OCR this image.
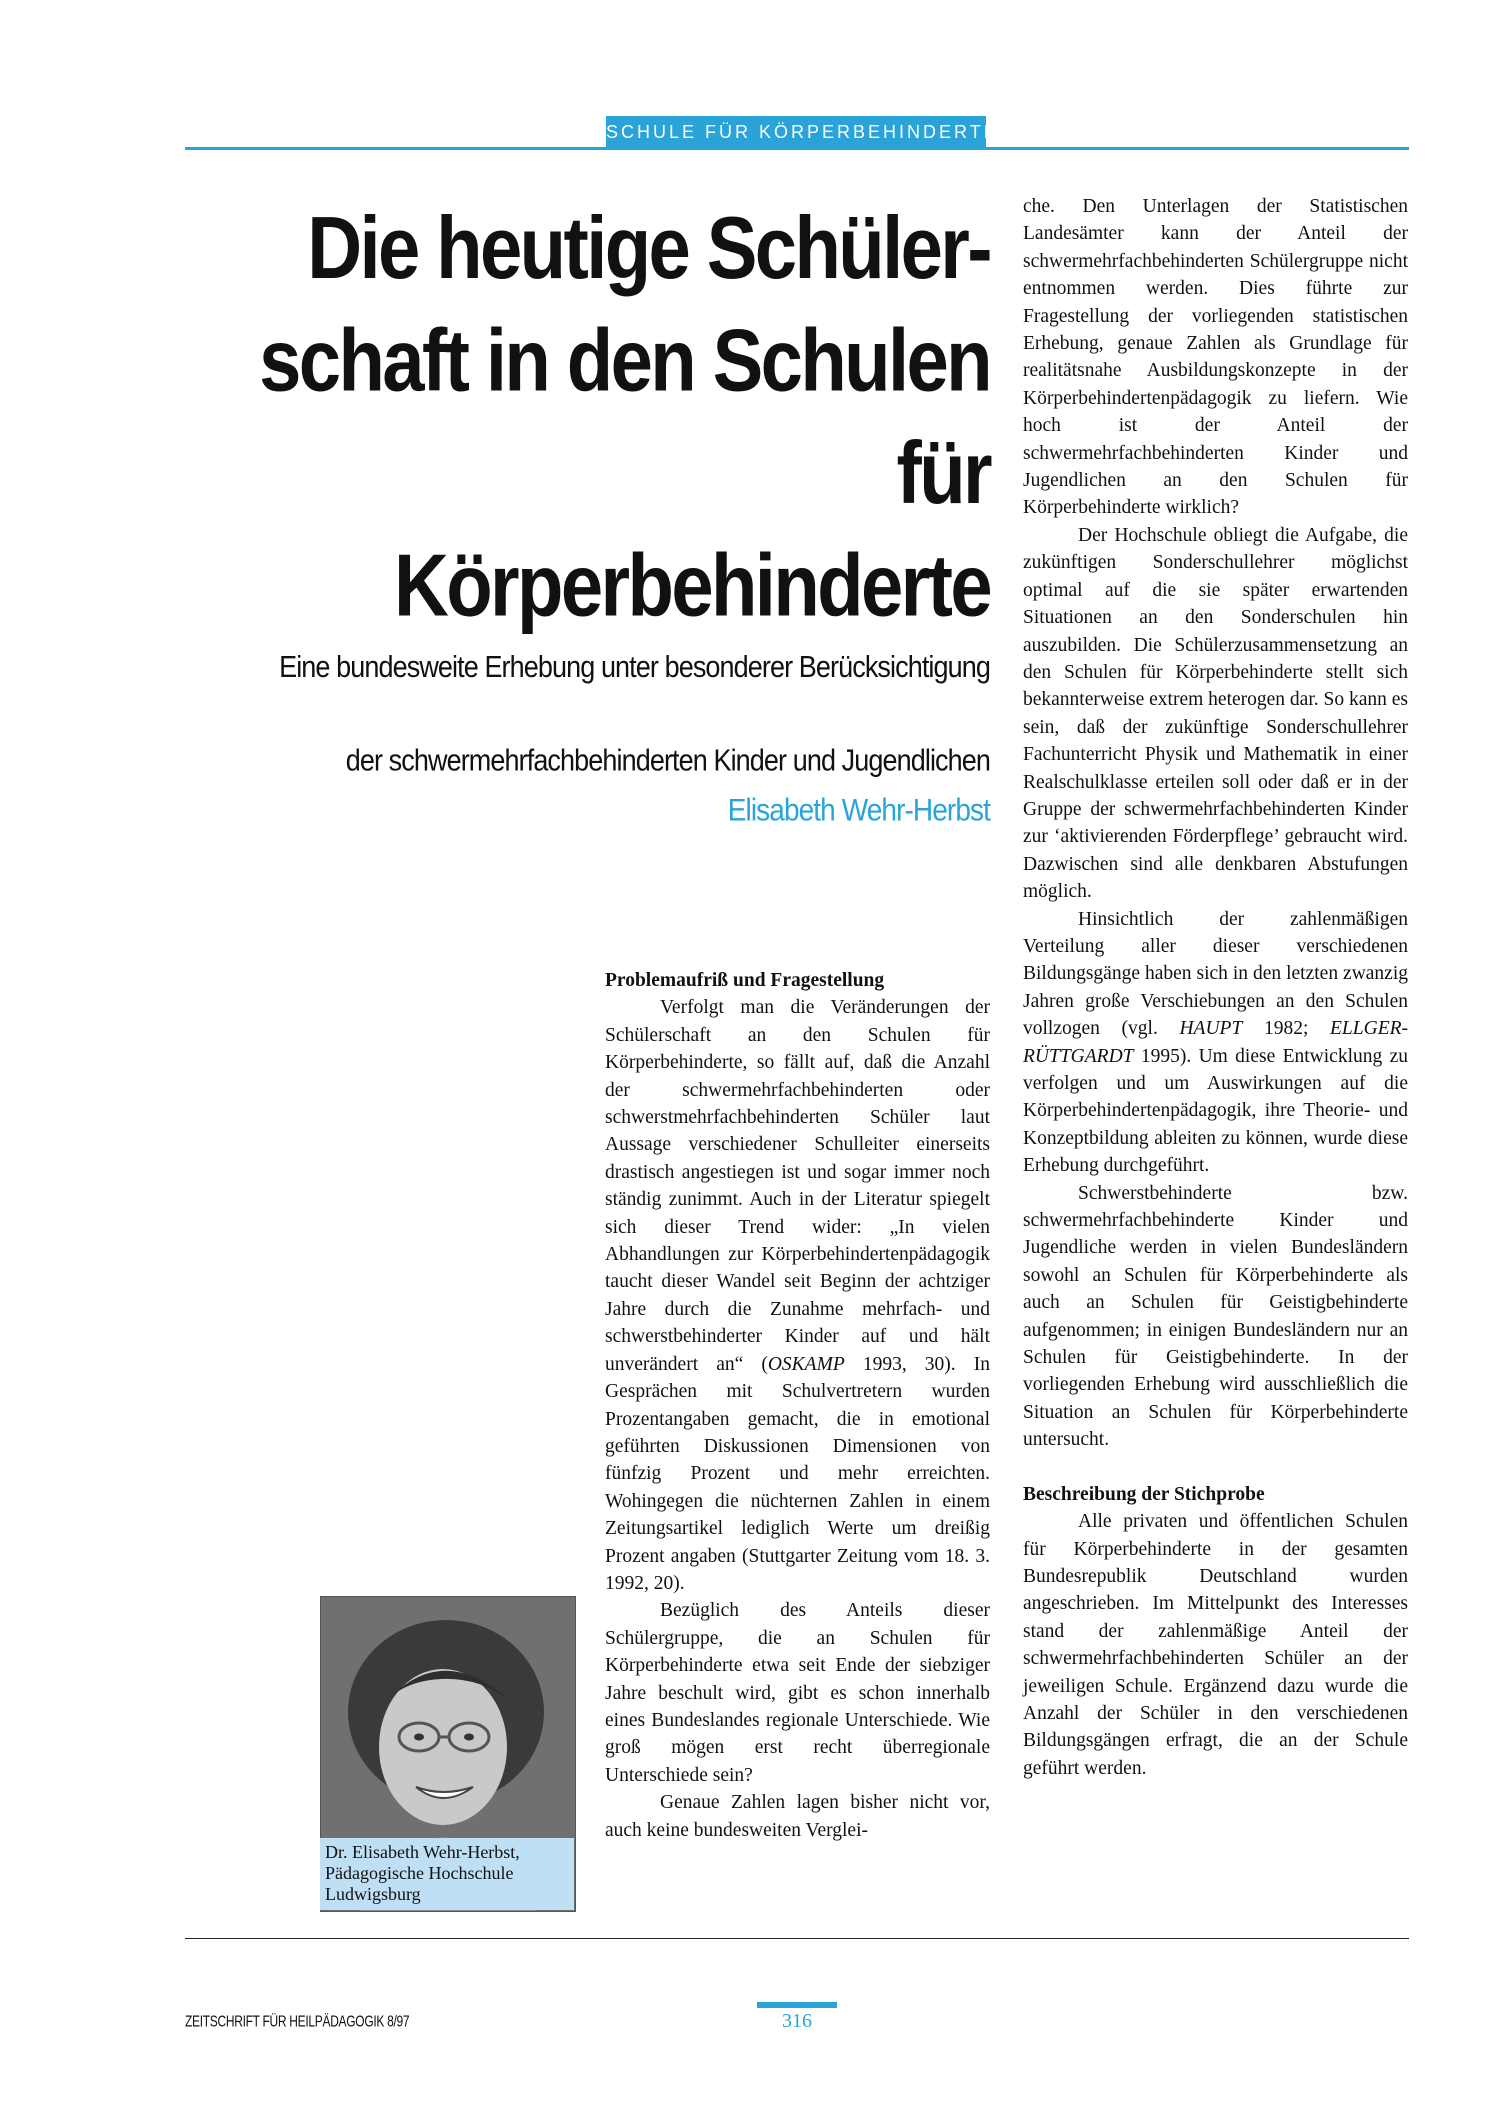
SCHULE FÜR KÖRPERBEHINDERTE
Die heutige Schüler-
schaft in den Schulen für
Körperbehinderte
Eine bundesweite Erhebung unter besonderer Berücksichtigung
der schwermehrfachbehinderten Kinder und Jugendlichen
Elisabeth Wehr-Herbst
Dr. Elisabeth Wehr-Herbst,
Pädagogische Hochschule
Ludwigsburg
Problemaufriß und Fragestellung

Verfolgt man die Veränderungen der Schülerschaft an den Schulen für Körperbehinderte, so fällt auf, daß die Anzahl der schwermehrfachbehinderten oder schwerstmehrfachbehinderten Schüler laut Aussage verschiedener Schulleiter einerseits drastisch angestiegen ist und sogar immer noch ständig zunimmt. Auch in der Literatur spiegelt sich dieser Trend wider: „In vielen Abhandlungen zur Körperbehindertenpädagogik taucht dieser Wandel seit Beginn der achtziger Jahre durch die Zunahme mehrfach- und schwerstbehinderter Kinder auf und hält unverändert an“ (OSKAMP 1993, 30). In Gesprächen mit Schulvertretern wurden Prozentangaben gemacht, die in emotional geführten Diskussionen Dimensionen von fünfzig Prozent und mehr erreichten. Wohingegen die nüchternen Zahlen in einem Zeitungsartikel lediglich Werte um dreißig Prozent angaben (Stuttgarter Zeitung vom 18. 3. 1992, 20).

Bezüglich des Anteils dieser Schülergruppe, die an Schulen für Körperbehinderte etwa seit Ende der siebziger Jahre beschult wird, gibt es schon innerhalb eines Bundeslandes regionale Unterschiede. Wie groß mögen erst recht überregionale Unterschiede sein?

Genaue Zahlen lagen bisher nicht vor, auch keine bundesweiten Verglei-

che. Den Unterlagen der Statistischen Landesämter kann der Anteil der schwermehrfachbehinderten Schülergruppe nicht entnommen werden. Dies führte zur Fragestellung der vorliegenden statistischen Erhebung, genaue Zahlen als Grundlage für realitätsnahe Ausbildungskonzepte in der Körperbehindertenpädagogik zu liefern. Wie hoch ist der Anteil der schwermehrfachbehinderten Kinder und Jugendlichen an den Schulen für Körperbehinderte wirklich?

Der Hochschule obliegt die Aufgabe, die zukünftigen Sonderschullehrer möglichst optimal auf die sie später erwartenden Situationen an den Sonderschulen hin auszubilden. Die Schülerzusammensetzung an den Schulen für Körperbehinderte stellt sich bekannterweise extrem heterogen dar. So kann es sein, daß der zukünftige Sonderschullehrer Fachunterricht Physik und Mathematik in einer Realschulklasse erteilen soll oder daß er in der Gruppe der schwermehrfachbehinderten Kinder zur ‘aktivierenden Förderpflege’ gebraucht wird. Dazwischen sind alle denkbaren Abstufungen möglich.

Hinsichtlich der zahlenmäßigen Verteilung aller dieser verschiedenen Bildungsgänge haben sich in den letzten zwanzig Jahren große Verschiebungen an den Schulen vollzogen (vgl. HAUPT 1982; ELLGER-RÜTTGARDT 1995). Um diese Entwicklung zu verfolgen und um Auswirkungen auf die Körperbehindertenpädagogik, ihre Theorie- und Konzeptbildung ableiten zu können, wurde diese Erhebung durchgeführt.

Schwerstbehinderte bzw. schwermehrfachbehinderte Kinder und Jugendliche werden in vielen Bundesländern sowohl an Schulen für Körperbehinderte als auch an Schulen für Geistigbehinderte aufgenommen; in einigen Bundesländern nur an Schulen für Geistigbehinderte. In der vorliegenden Erhebung wird ausschließlich die Situation an Schulen für Körperbehinderte untersucht.

Beschreibung der Stichprobe

Alle privaten und öffentlichen Schulen für Körperbehinderte in der gesamten Bundesrepublik Deutschland wurden angeschrieben. Im Mittelpunkt des Interesses stand der zahlenmäßige Anteil der schwermehrfachbehinderten Schüler an der jeweiligen Schule. Ergänzend dazu wurde die Anzahl der Schüler in den verschiedenen Bildungsgängen erfragt, die an der Schule geführt werden.

ZEITSCHRIFT FÜR HEILPÄDAGOGIK 8/97	316
